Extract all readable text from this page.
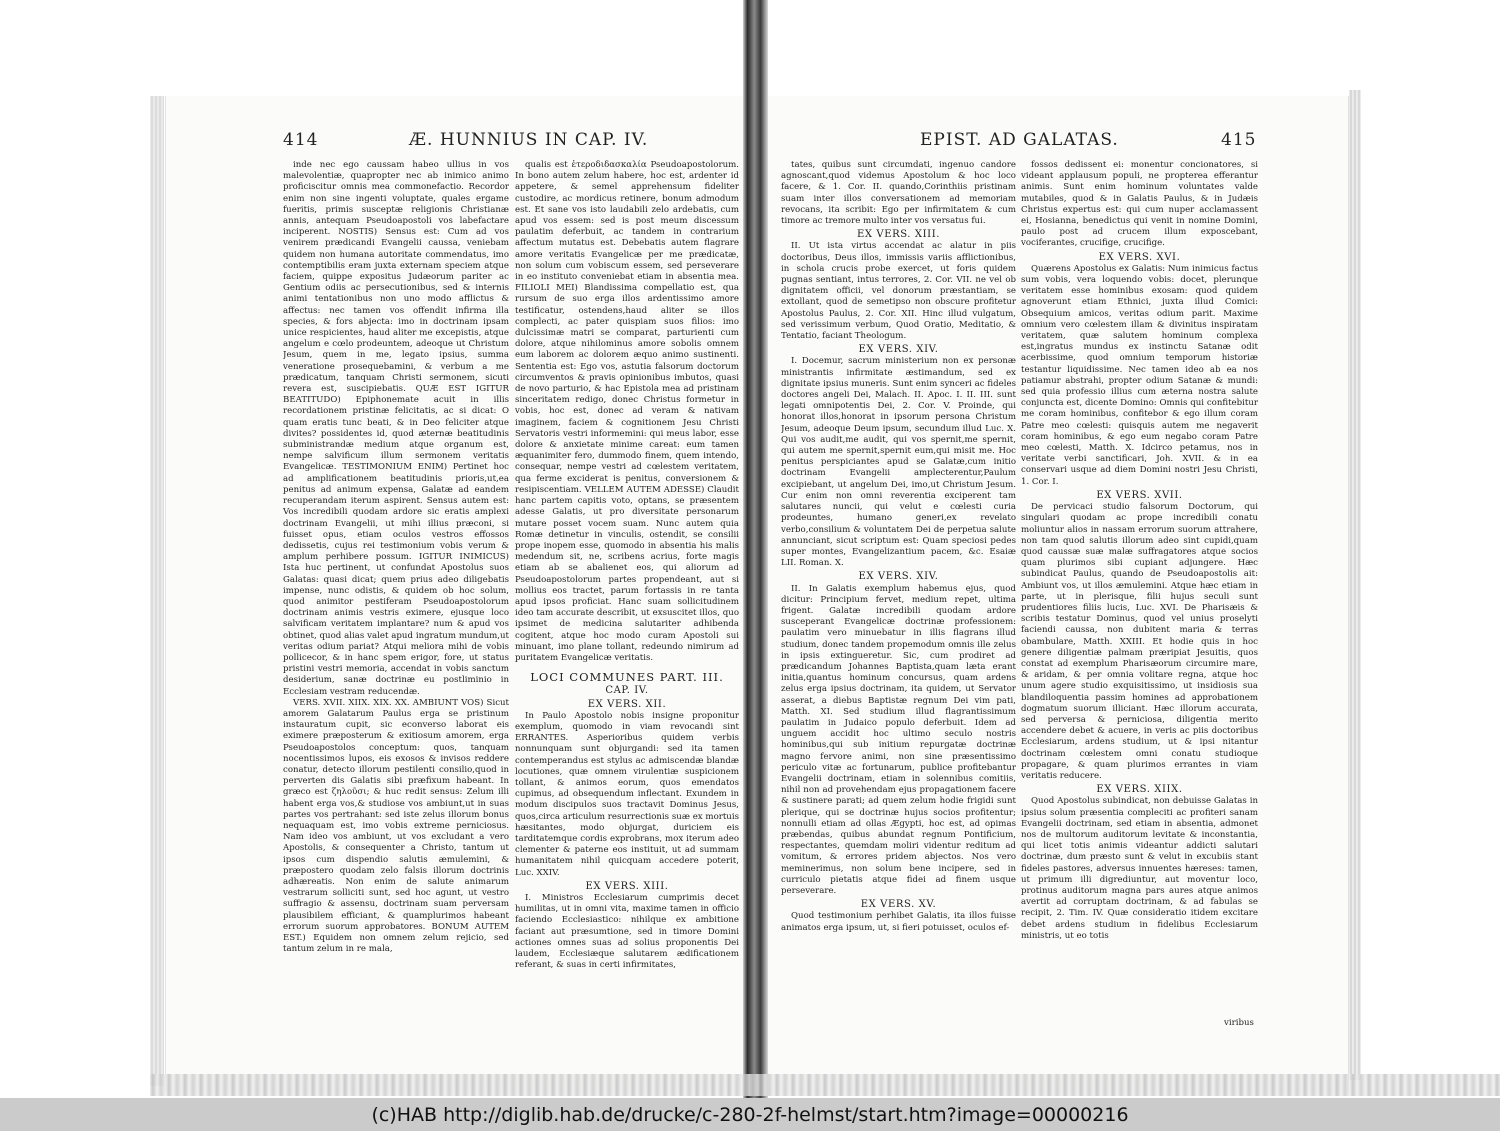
414	Æ. HUNNIUS IN CAP. IV.	EPIST. AD GALATAS.	415

inde nec ego caussam habeo ullius in vos malevolentiæ, quapropter nec ab inimico animo proficiscitur omnis mea commonefactio. Recordor enim non sine ingenti voluptate, quales ergame fueritis, primis susceptæ religionis Christianæ annis, antequam Pseudoapostoli vos labefactare inciperent. NOSTIS) Sensus est: Cum ad vos venirem prædicandi Evangelii caussa, veniebam quidem non humana autoritate commendatus, imo contemptibilis eram juxta externam speciem atque faciem, quippe expositus Judæorum pariter ac Gentium odiis ac persecutionibus, sed & internis animi tentationibus non uno modo afflictus & affectus: nec tamen vos offendit infirma illa species, & fors abjecta: imo in doctrinam ipsam unice respicientes, haud aliter me excepistis, atque angelum e cœlo prodeuntem, adeoque ut Christum Jesum, quem in me, legato ipsius, summa veneratione prosequebamini, & verbum a me prædicatum, tanquam Christi sermonem, sicuti revera est, suscipiebatis. QUÆ EST IGITUR BEATITUDO) Epiphonemate acuit in illis recordationem pristinæ felicitatis, ac si dicat: O quam eratis tunc beati, & in Deo feliciter atque divites? possidentes id, quod æternæ beatitudinis subministrandæ medium atque organum est, nempe salvificum illum sermonem veritatis Evangelicæ. TESTIMONIUM ENIM) Pertinet hoc ad amplificationem beatitudinis prioris,ut,ea penitus ad animum expensa, Galatæ ad eandem recuperandam iterum aspirent. Sensus autem est: Vos incredibili quodam ardore sic eratis amplexi doctrinam Evangelii, ut mihi illius præconi, si fuisset opus, etiam oculos vestros effossos dedissetis, cujus rei testimonium vobis verum & amplum perhibere possum. IGITUR INIMICUS) Ista huc pertinent, ut confundat Apostolus suos Galatas: quasi dicat; quem prius adeo diligebatis impense, nunc odistis, & quidem ob hoc solum, quod animitor pestiferam Pseudoapostolorum doctrinam animis vestris eximere, ejusque loco salvificam veritatem implantare? num & apud vos obtinet, quod alias valet apud ingratum mundum,ut veritas odium pariat? Atqui meliora mihi de vobis pollicecor, & in hanc spem erigor, fore, ut status pristini vestri memoria, accendat in vobis sanctum desiderium, sanæ doctrinæ eu postliminio in Ecclesiam vestram reducendæ.

VERS. XVII. XIIX. XIX. XX. AMBIUNT VOS) Sicut amorem Galatarum Paulus erga se pristinum instauratum cupit, sic econverso laborat eis eximere præposterum & exitiosum amorem, erga Pseudoapostolos conceptum: quos, tanquam nocentissimos lupos, eis exosos & invisos reddere conatur, detecto illorum pestilenti consilio,quod in perverten dis Galatis sibi præfixum habeant. In græco est ζηλοῦσι; & huc redit sensus: Zelum illi habent erga vos,& studiose vos ambiunt,ut in suas partes vos pertrahant: sed iste zelus illorum bonus nequaquam est, imo vobis extreme perniciosus. Nam ideo vos ambiunt, ut vos excludant a vero Apostolis, & consequenter a Christo, tantum ut ipsos cum dispendio salutis æmulemini, & præpostero quodam zelo falsis illorum doctrinis adhæreatis. Non enim de salute animarum vestrarum solliciti sunt, sed hoc agunt, ut vestro suffragio & assensu, doctrinam suam perversam plausibilem efficiant, & quamplurimos habeant errorum suorum approbatores. BONUM AUTEM EST.) Equidem non omnem zelum rejicio, sed tantum zelum in re mala,

qualis est ἑτεροδιδασκαλία Pseudoapostolorum. In bono autem zelum habere, hoc est, ardenter id appetere, & semel apprehensum fideliter custodire, ac mordicus retinere, bonum admodum est. Et sane vos isto laudabili zelo ardebatis, cum apud vos essem: sed is post meum discessum paulatim deferbuit, ac tandem in contrarium affectum mutatus est. Debebatis autem flagrare amore veritatis Evangelicæ per me prædicatæ, non solum cum vobiscum essem, sed perseverare in eo instituto conveniebat etiam in absentia mea. FILIOLI MEI) Blandissima compellatio est, qua rursum de suo erga illos ardentissimo amore testificatur, ostendens,haud aliter se illos complecti, ac pater quispiam suos filios: imo dulcissimæ matri se comparat, parturienti cum dolore, atque nihilominus amore sobolis omnem eum laborem ac dolorem æquo animo sustinenti. Sententia est: Ego vos, astutia falsorum doctorum circumventos & pravis opinionibus imbutos, quasi de novo parturio, & hac Epistola mea ad pristinam sinceritatem redigo, donec Christus formetur in vobis, hoc est, donec ad veram & nativam imaginem, faciem & cognitionem Jesu Christi Servatoris vestri informemini: qui meus labor, esse dolore & anxietate minime careat: eum tamen æquanimiter fero, dummodo finem, quem intendo, consequar, nempe vestri ad cœlestem veritatem, qua ferme exciderat is penitus, conversionem & resipiscentiam. VELLEM AUTEM ADESSE) Claudit hanc partem capitis voto, optans, se præsentem adesse Galatis, ut pro diversitate personarum mutare posset vocem suam. Nunc autem quia Romæ detinetur in vinculis, ostendit, se consilii prope inopem esse, quomodo in absentia his malis medendum sit, ne, scribens acrius, forte magis etiam ab se abalienet eos, qui aliorum ad Pseudoapostolorum partes propendeant, aut si mollius eos tractet, parum fortassis in re tanta apud ipsos proficiat. Hanc suam sollicitudinem ideo tam accurate describit, ut exsuscitet illos, quo ipsimet de medicina salutariter adhibenda cogitent, atque hoc modo curam Apostoli sui minuant, imo plane tollant, redeundo nimirum ad puritatem Evangelicæ veritatis.

LOCI COMMUNES PART. III.
CAP. IV.
EX VERS. XII.

In Paulo Apostolo nobis insigne proponitur exemplum, quomodo in viam revocandi sint ERRANTES. Asperioribus quidem verbis nonnunquam sunt objurgandi: sed ita tamen contemperandus est stylus ac admiscendæ blandæ locutiones, quæ omnem virulentiæ suspicionem tollant, & animos eorum, quos emendatos cupimus, ad obsequendum inflectant. Exundem in modum discipulos suos tractavit Dominus Jesus, quos,circa articulum resurrectionis suæ ex mortuis hæsitantes, modo objurgat, duriciem eis tarditatemque cordis exprobrans, mox iterum adeo clementer & paterne eos instituit, ut ad summam humanitatem nihil quicquam accedere poterit, Luc. XXIV.

EX VERS. XIII.

I. Ministros Ecclesiarum cumprimis decet humilitas, ut in omni vita, maxime tamen in officio faciendo Ecclesiastico: nihilque ex ambitione faciant aut præsumtione, sed in timore Domini actiones omnes suas ad solius proponentis Dei laudem, Ecclesiæque salutarem ædificationem referant, & suas in certi infirmitates,

tates, quibus sunt circumdati, ingenuo candore agnoscant,quod videmus Apostolum & hoc loco facere, & 1. Cor. II. quando,Corinthiis pristinam suam inter illos conversationem ad memoriam revocans, ita scribit: Ego per infirmitatem & cum timore ac tremore multo inter vos versatus fui.

EX VERS. XIII.

II. Ut ista virtus accendat ac alatur in piis doctoribus, Deus illos, immissis variis afflictionibus, in schola crucis probe exercet, ut foris quidem pugnas sentiant, intus terrores, 2. Cor. VII. ne vel ob dignitatem officii, vel donorum præstantiam, se extollant, quod de semetipso non obscure profitetur Apostolus Paulus, 2. Cor. XII. Hinc illud vulgatum, sed verissimum verbum, Quod Oratio, Meditatio, & Tentatio, faciant Theologum.

EX VERS. XIV.

I. Docemur, sacrum ministerium non ex personæ ministrantis infirmitate æstimandum, sed ex dignitate ipsius muneris. Sunt enim synceri ac fideles doctores angeli Dei, Malach. II. Apoc. I. II. III. sunt legati omnipotentis Dei, 2. Cor. V. Proinde, qui honorat illos,honorat in ipsorum persona Christum Jesum, adeoque Deum ipsum, secundum illud Luc. X. Qui vos audit,me audit, qui vos spernit,me spernit, qui autem me spernit,spernit eum,qui misit me. Hoc penitus perspiciantes apud se Galatæ,cum initio doctrinam Evangelii amplecterentur,Paulum excipiebant, ut angelum Dei, imo,ut Christum Jesum. Cur enim non omni reverentia exciperent tam salutares nuncii, qui velut e cœlesti curia prodeuntes, humano generi,ex revelato verbo,consilium & voluntatem Dei de perpetua salute annunciant, sicut scriptum est: Quam speciosi pedes super montes, Evangelizantium pacem, &c. Esaiæ LII. Roman. X.

EX VERS. XIV.

II. In Galatis exemplum habemus ejus, quod dicitur: Principium fervet, medium repet, ultima frigent. Galatæ incredibili quodam ardore susceperant Evangelicæ doctrinæ professionem: paulatim vero minuebatur in illis flagrans illud studium, donec tandem propemodum omnis ille zelus in ipsis extingueretur. Sic, cum prodiret ad prædicandum Johannes Baptista,quam læta erant initia,quantus hominum concursus, quam ardens zelus erga ipsius doctrinam, ita quidem, ut Servator asserat, a diebus Baptistæ regnum Dei vim pati, Matth. XI. Sed studium illud flagrantissimum paulatim in Judaico populo deferbuit. Idem ad unguem accidit hoc ultimo seculo nostris hominibus,qui sub initium repurgatæ doctrinæ magno fervore animi, non sine præsentissimo periculo vitæ ac fortunarum, publice profitebantur Evangelii doctrinam, etiam in solennibus comitiis, nihil non ad provehendam ejus propagationem facere & sustinere parati; ad quem zelum hodie frigidi sunt plerique, qui se doctrinæ hujus socios profitentur; nonnulli etiam ad ollas Ægypti, hoc est, ad opimas præbendas, quibus abundat regnum Pontificium, respectantes, quemdam moliri videntur reditum ad vomitum, & errores pridem abjectos. Nos vero meminerimus, non solum bene incipere, sed in curriculo pietatis atque fidei ad finem usque perseverare.

EX VERS. XV.

Quod testimonium perhibet Galatis, ita illos fuisse animatos erga ipsum, ut, si fieri potuisset, oculos ef-

fossos dedissent ei: monentur concionatores, si videant applausum populi, ne propterea efferantur animis. Sunt enim hominum voluntates valde mutabiles, quod & in Galatis Paulus, & in Judæis Christus expertus est: qui cum nuper acclamassent ei, Hosianna, benedictus qui venit in nomine Domini, paulo post ad crucem illum exposcebant, vociferantes, crucifige, crucifige.

EX VERS. XVI.

Quærens Apostolus ex Galatis: Num inimicus factus sum vobis, vera loquendo vobis: docet, plerunque veritatem esse hominibus exosam: quod quidem agnoverunt etiam Ethnici, juxta illud Comici: Obsequium amicos, veritas odium parit. Maxime omnium vero cœlestem illam & divinitus inspiratam veritatem, quæ salutem hominum complexa est,ingratus mundus ex instinctu Satanæ odit acerbissime, quod omnium temporum historiæ testantur liquidissime. Nec tamen ideo ab ea nos patiamur abstrahi, propter odium Satanæ & mundi: sed quia professio illius cum æterna nostra salute conjuncta est, dicente Domino: Omnis qui confitebitur me coram hominibus, confitebor & ego illum coram Patre meo cœlesti: quisquis autem me negaverit coram hominibus, & ego eum negabo coram Patre meo cœlesti, Matth. X. Idcirco petamus, nos in veritate verbi sanctificari, Joh. XVII. & in ea conservari usque ad diem Domini nostri Jesu Christi, 1. Cor. I.

EX VERS. XVII.

De pervicaci studio falsorum Doctorum, qui singulari quodam ac prope incredibili conatu moliuntur alios in nassam errorum suorum attrahere, non tam quod salutis illorum adeo sint cupidi,quam quod caussæ suæ malæ suffragatores atque socios quam plurimos sibi cupiant adjungere. Hæc subindicat Paulus, quando de Pseudoapostolis ait: Ambiunt vos, ut illos æmulemini. Atque hæc etiam in parte, ut in plerisque, filii hujus seculi sunt prudentiores filiis lucis, Luc. XVI. De Pharisæis & scribis testatur Dominus, quod vel unius proselyti faciendi caussa, non dubitent maria & terras obambulare, Matth. XXIII. Et hodie quis in hoc genere diligentiæ palmam præripiat Jesuitis, quos constat ad exemplum Pharisæorum circumire mare, & aridam, & per omnia volitare regna, atque hoc unum agere studio exquisitissimo, ut insidiosis sua blandiloquentia passim homines ad approbationem dogmatum suorum illiciant. Hæc illorum accurata, sed perversa & perniciosa, diligentia merito accendere debet & acuere, in veris ac piis doctoribus Ecclesiarum, ardens studium, ut & ipsi nitantur doctrinam cœlestem omni conatu studioque propagare, & quam plurimos errantes in viam veritatis reducere.

EX VERS. XIIX.

Quod Apostolus subindicat, non debuisse Galatas in ipsius solum præsentia compleciti ac profiteri sanam Evangelii doctrinam, sed etiam in absentia, admonet nos de multorum auditorum levitate & inconstantia, qui licet totis animis videantur addicti salutari doctrinæ, dum præsto sunt & velut in excubiis stant fideles pastores, adversus innuentes hæreses: tamen, ut primum illi digrediuntur, aut moventur loco, protinus auditorum magna pars aures atque animos avertit ad corruptam doctrinam, & ad fabulas se recipit, 2. Tim. IV. Quæ consideratio itidem excitare debet ardens studium in fidelibus Ecclesiarum ministris, ut eo totis

viribus
(c)HAB http://diglib.hab.de/drucke/c-280-2f-helmst/start.htm?image=00000216
